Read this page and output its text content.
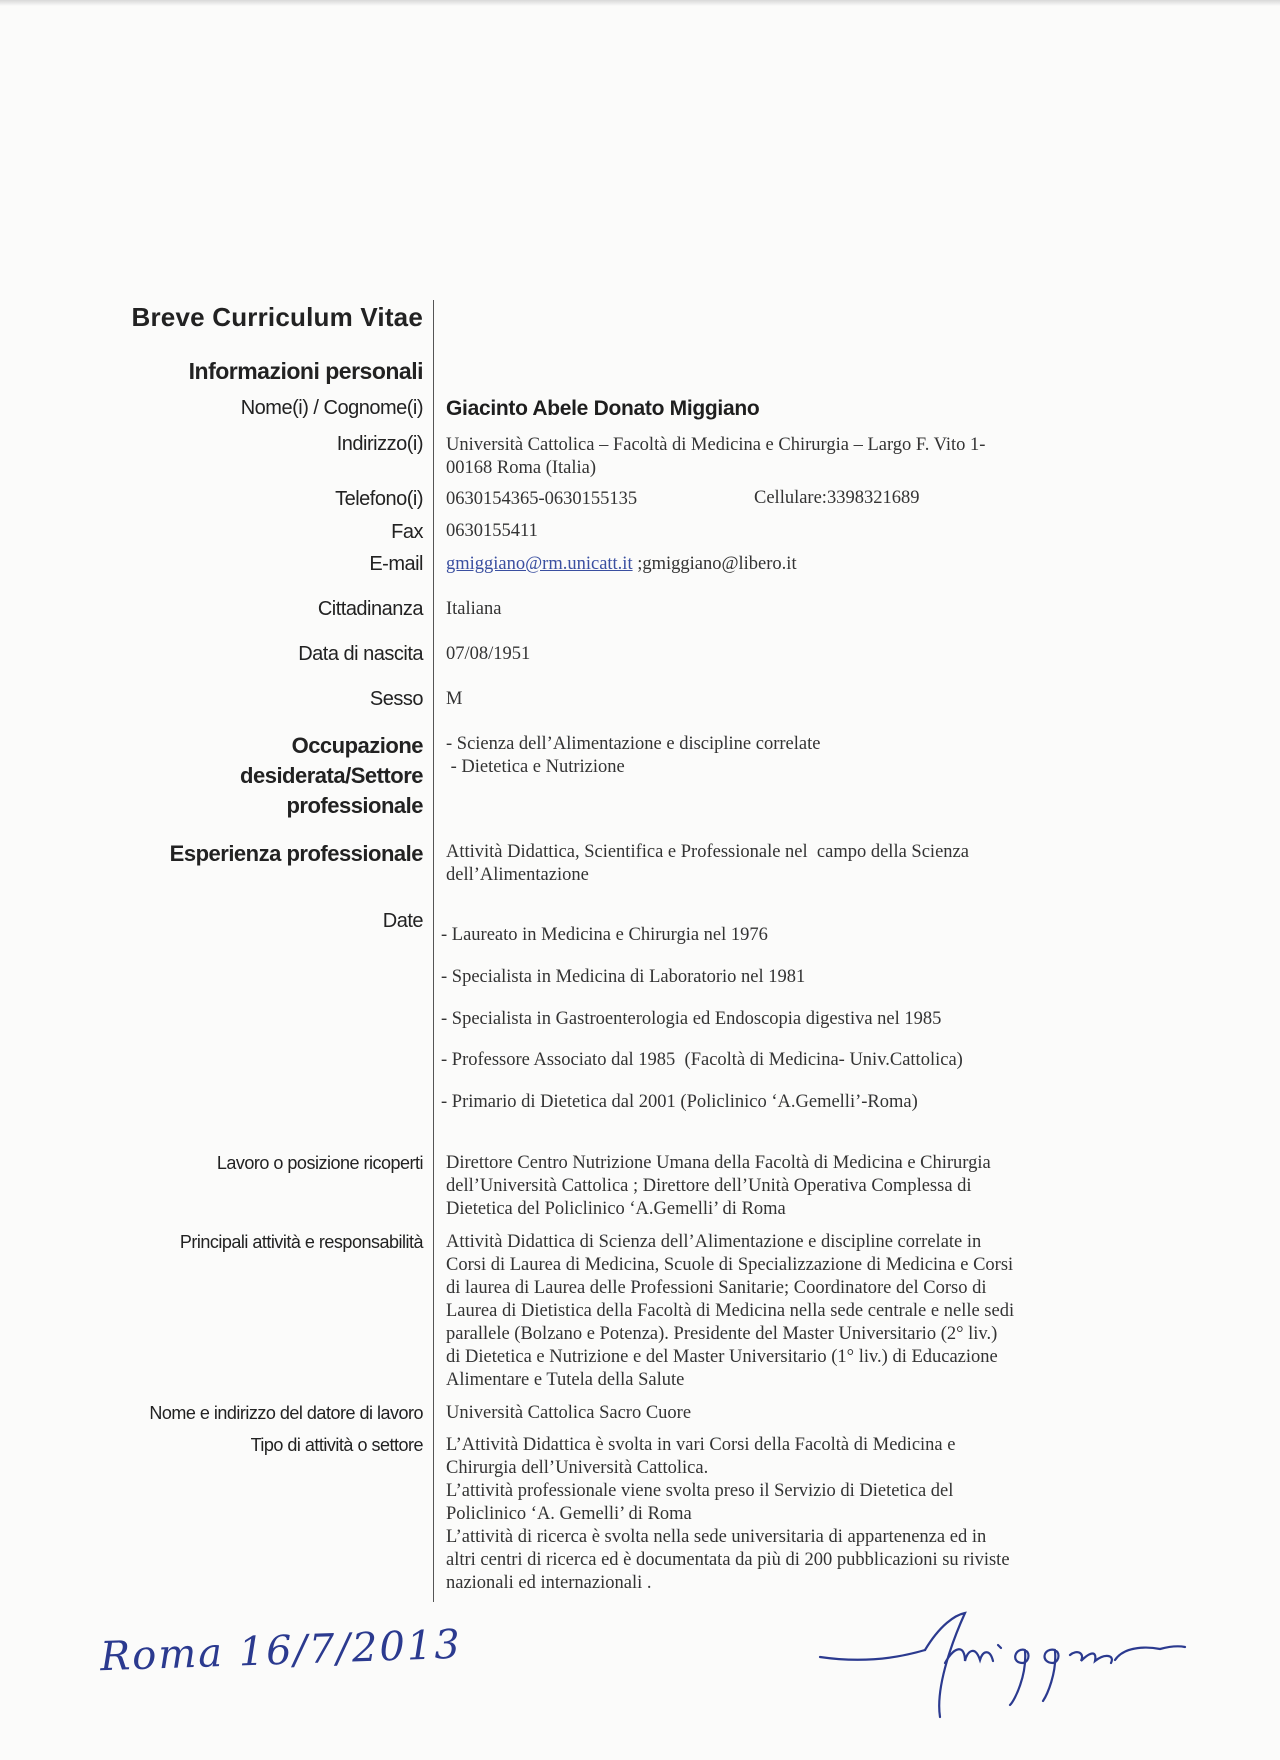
Breve Curriculum Vitae
Informazioni personali
Nome(i) / Cognome(i) Giacinto Abele Donato Miggiano
Indirizzo(i) Università Cattolica – Facoltà di Medicina e Chirurgia – Largo F. Vito 1-
00168 Roma (Italia)
Telefono(i) 0630154365-0630155135	Cellulare:3398321689
Fax 0630155411
E-mail gmiggiano@rm.unicatt.it ;gmiggiano@libero.it
Cittadinanza Italiana
Data di nascita 07/08/1951
Sesso M
Occupazione
desiderata/Settore
professionale
- Scienza dell’Alimentazione e discipline correlate
- Dietetica e Nutrizione
Esperienza professionale Attività Didattica, Scientifica e Professionale nel  campo della Scienza
dell’Alimentazione
Date
- Laureato in Medicina e Chirurgia nel 1976
- Specialista in Medicina di Laboratorio nel 1981
- Specialista in Gastroenterologia ed Endoscopia digestiva nel 1985
- Professore Associato dal 1985  (Facoltà di Medicina- Univ.Cattolica)
- Primario di Dietetica dal 2001 (Policlinico ‘A.Gemelli’-Roma)
Lavoro o posizione ricoperti Direttore Centro Nutrizione Umana della Facoltà di Medicina e Chirurgia
dell’Università Cattolica ; Direttore dell’Unità Operativa Complessa di
Dietetica del Policlinico ‘A.Gemelli’ di Roma
Principali attività e responsabilità Attività Didattica di Scienza dell’Alimentazione e discipline correlate in
Corsi di Laurea di Medicina, Scuole di Specializzazione di Medicina e Corsi
di laurea di Laurea delle Professioni Sanitarie; Coordinatore del Corso di
Laurea di Dietistica della Facoltà di Medicina nella sede centrale e nelle sedi
parallele (Bolzano e Potenza). Presidente del Master Universitario (2° liv.)
di Dietetica e Nutrizione e del Master Universitario (1° liv.) di Educazione
Alimentare e Tutela della Salute
Nome e indirizzo del datore di lavoro Università Cattolica Sacro Cuore
Tipo di attività o settore L’Attività Didattica è svolta in vari Corsi della Facoltà di Medicina e
Chirurgia dell’Università Cattolica.
L’attività professionale viene svolta preso il Servizio di Dietetica del
Policlinico ‘A. Gemelli’ di Roma
L’attività di ricerca è svolta nella sede universitaria di appartenenza ed in
altri centri di ricerca ed è documentata da più di 200 pubblicazioni su riviste
nazionali ed internazionali .
Roma 16/7/2013
